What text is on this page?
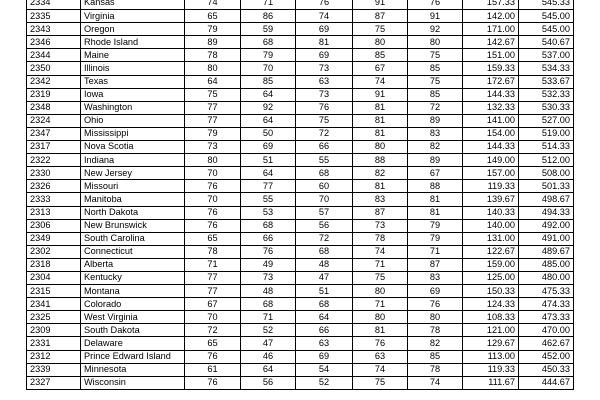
2334	Kansas	74	71	76	91	76	157.33	545.33
2335	Virginia	65	86	74	87	91	142.00	545.00
2343	Oregon	79	59	69	75	92	171.00	545.00
2346	Rhode Island	89	68	81	80	80	142.67	540.67
2344	Maine	78	79	69	85	75	151.00	537.00
2350	Illinois	80	70	73	67	85	159.33	534.33
2342	Texas	64	85	63	74	75	172.67	533.67
2319	Iowa	75	64	73	91	85	144.33	532.33
2348	Washington	77	92	76	81	72	132.33	530.33
2324	Ohio	77	64	75	81	89	141.00	527.00
2347	Mississippi	79	50	72	81	83	154.00	519.00
2317	Nova Scotia	73	69	66	80	82	144.33	514.33
2322	Indiana	80	51	55	88	89	149.00	512.00
2330	New Jersey	70	64	68	82	67	157.00	508.00
2326	Missouri	76	77	60	81	88	119.33	501.33
2333	Manitoba	70	55	70	83	81	139.67	498.67
2313	North Dakota	76	53	57	87	81	140.33	494.33
2306	New Brunswick	76	68	56	73	79	140.00	492.00
2349	South Carolina	65	66	72	78	79	131.00	491.00
2302	Connecticut	78	76	68	74	71	122.67	489.67
2318	Alberta	71	49	48	71	87	159.00	485.00
2304	Kentucky	77	73	47	75	83	125.00	480.00
2315	Montana	77	48	51	80	69	150.33	475.33
2341	Colorado	67	68	68	71	76	124.33	474.33
2325	West Virginia	70	71	64	80	80	108.33	473.33
2309	South Dakota	72	52	66	81	78	121.00	470.00
2331	Delaware	65	47	63	76	82	129.67	462.67
2312	Prince Edward Island	76	46	69	63	85	113.00	452.00
2339	Minnesota	61	64	54	74	78	119.33	450.33
2327	Wisconsin	76	56	52	75	74	111.67	444.67
